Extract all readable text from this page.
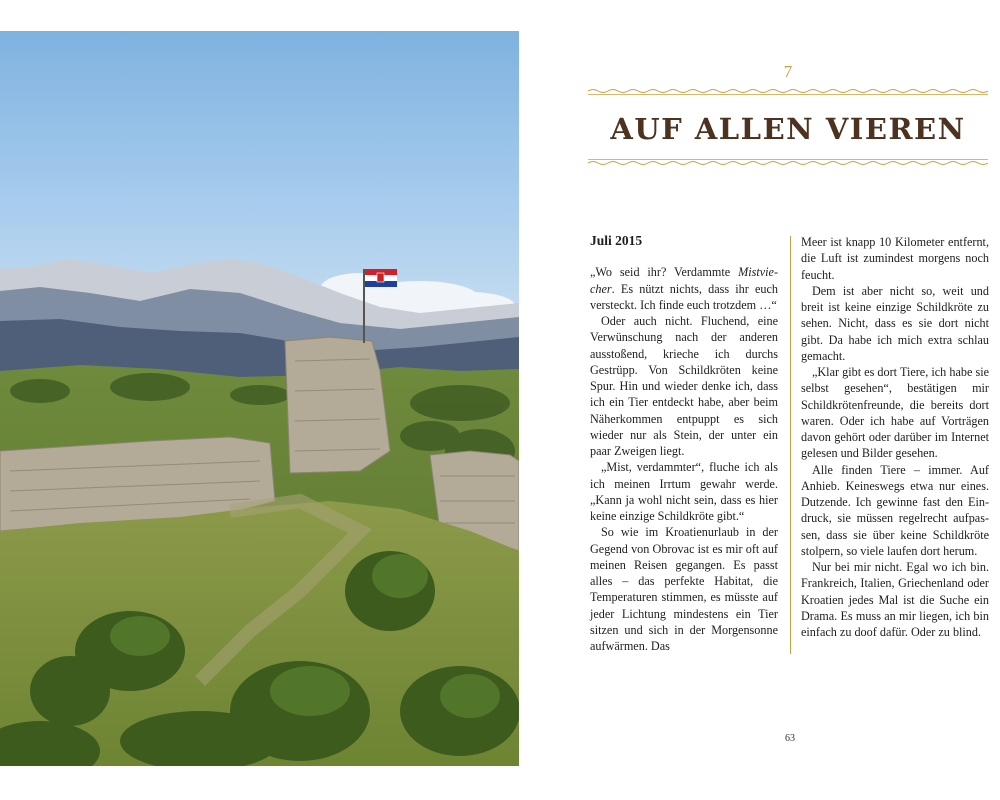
7
AUF ALLEN VIEREN
Juli 2015

„Wo seid ihr? Verdammte Mistviecher. Es nützt nichts, dass ihr euch versteckt. Ich finde euch trotzdem …“

Oder auch nicht. Fluchend, eine Verwünschung nach der anderen ausstoßend, krieche ich durchs Gestrüpp. Von Schildkröten keine Spur. Hin und wieder denke ich, dass ich ein Tier entdeckt habe, aber beim Näherkommen entpuppt es sich wieder nur als Stein, der unter ein paar Zweigen liegt.

„Mist, verdammter“, fluche ich als ich meinen Irrtum gewahr werde. „Kann ja wohl nicht sein, dass es hier keine einzige Schildkröte gibt.“

So wie im Kroatienurlaub in der Gegend von Obrovac ist es mir oft auf meinen Reisen gegangen. Es passt alles – das perfekte Habitat, die Temperaturen stimmen, es müsste auf jeder Lichtung mindestens ein Tier sitzen und sich in der Morgensonne aufwärmen. Das

Meer ist knapp 10 Kilometer entfernt, die Luft ist zumindest morgens noch feucht.

Dem ist aber nicht so, weit und breit ist keine einzige Schildkröte zu sehen. Nicht, dass es sie dort nicht gibt. Da habe ich mich extra schlau gemacht.

„Klar gibt es dort Tiere, ich habe sie selbst gesehen“, bestätigen mir Schildkrötenfreunde, die bereits dort waren. Oder ich habe auf Vorträgen davon gehört oder darüber im Internet gelesen und Bilder gesehen.

Alle finden Tiere – immer. Auf Anhieb. Keineswegs etwa nur eines. Dutzende. Ich gewinne fast den Eindruck, sie müssen regelrecht aufpassen, dass sie über keine Schildkröte stolpern, so viele laufen dort herum.

Nur bei mir nicht. Egal wo ich bin. Frankreich, Italien, Griechenland oder Kroatien jedes Mal ist die Suche ein Drama. Es muss an mir liegen, ich bin einfach zu doof dafür. Oder zu blind.

63
